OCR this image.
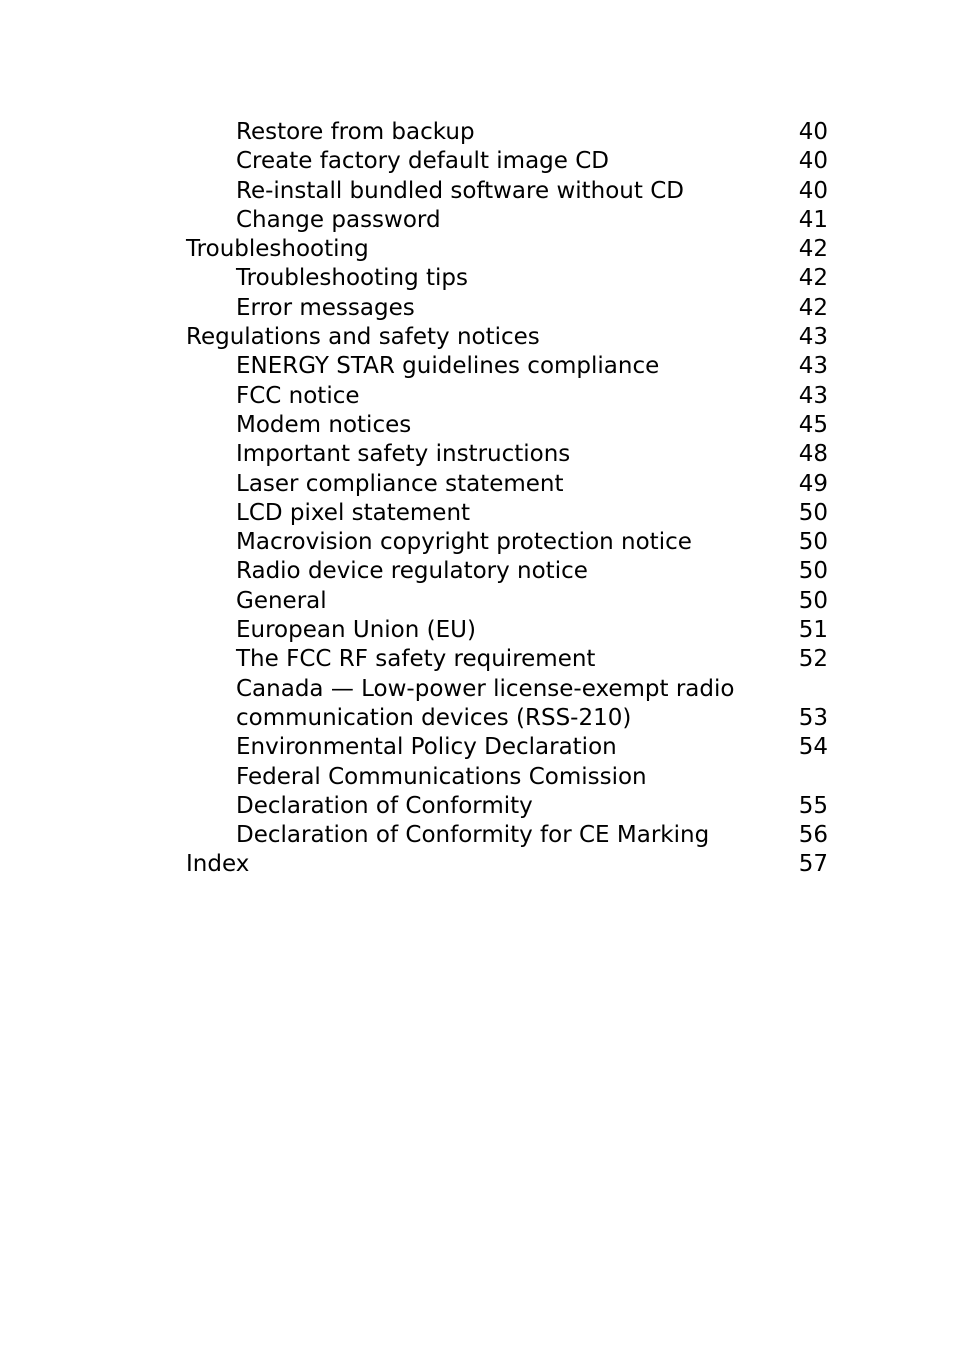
Restore from backup	40
Create factory default image CD	40
Re-install bundled software without CD	40
Change password	41
Troubleshooting	42
Troubleshooting tips	42
Error messages	42
Regulations and safety notices	43
ENERGY STAR guidelines compliance	43
FCC notice	43
Modem notices	45
Important safety instructions	48
Laser compliance statement	49
LCD pixel statement	50
Macrovision copyright protection notice	50
Radio device regulatory notice	50
General	50
European Union (EU)	51
The FCC RF safety requirement	52
Canada — Low-power license-exempt radio
communication devices (RSS-210)	53
Environmental Policy Declaration	54
Federal Communications Comission
Declaration of Conformity	55
Declaration of Conformity for CE Marking	56
Index	57
